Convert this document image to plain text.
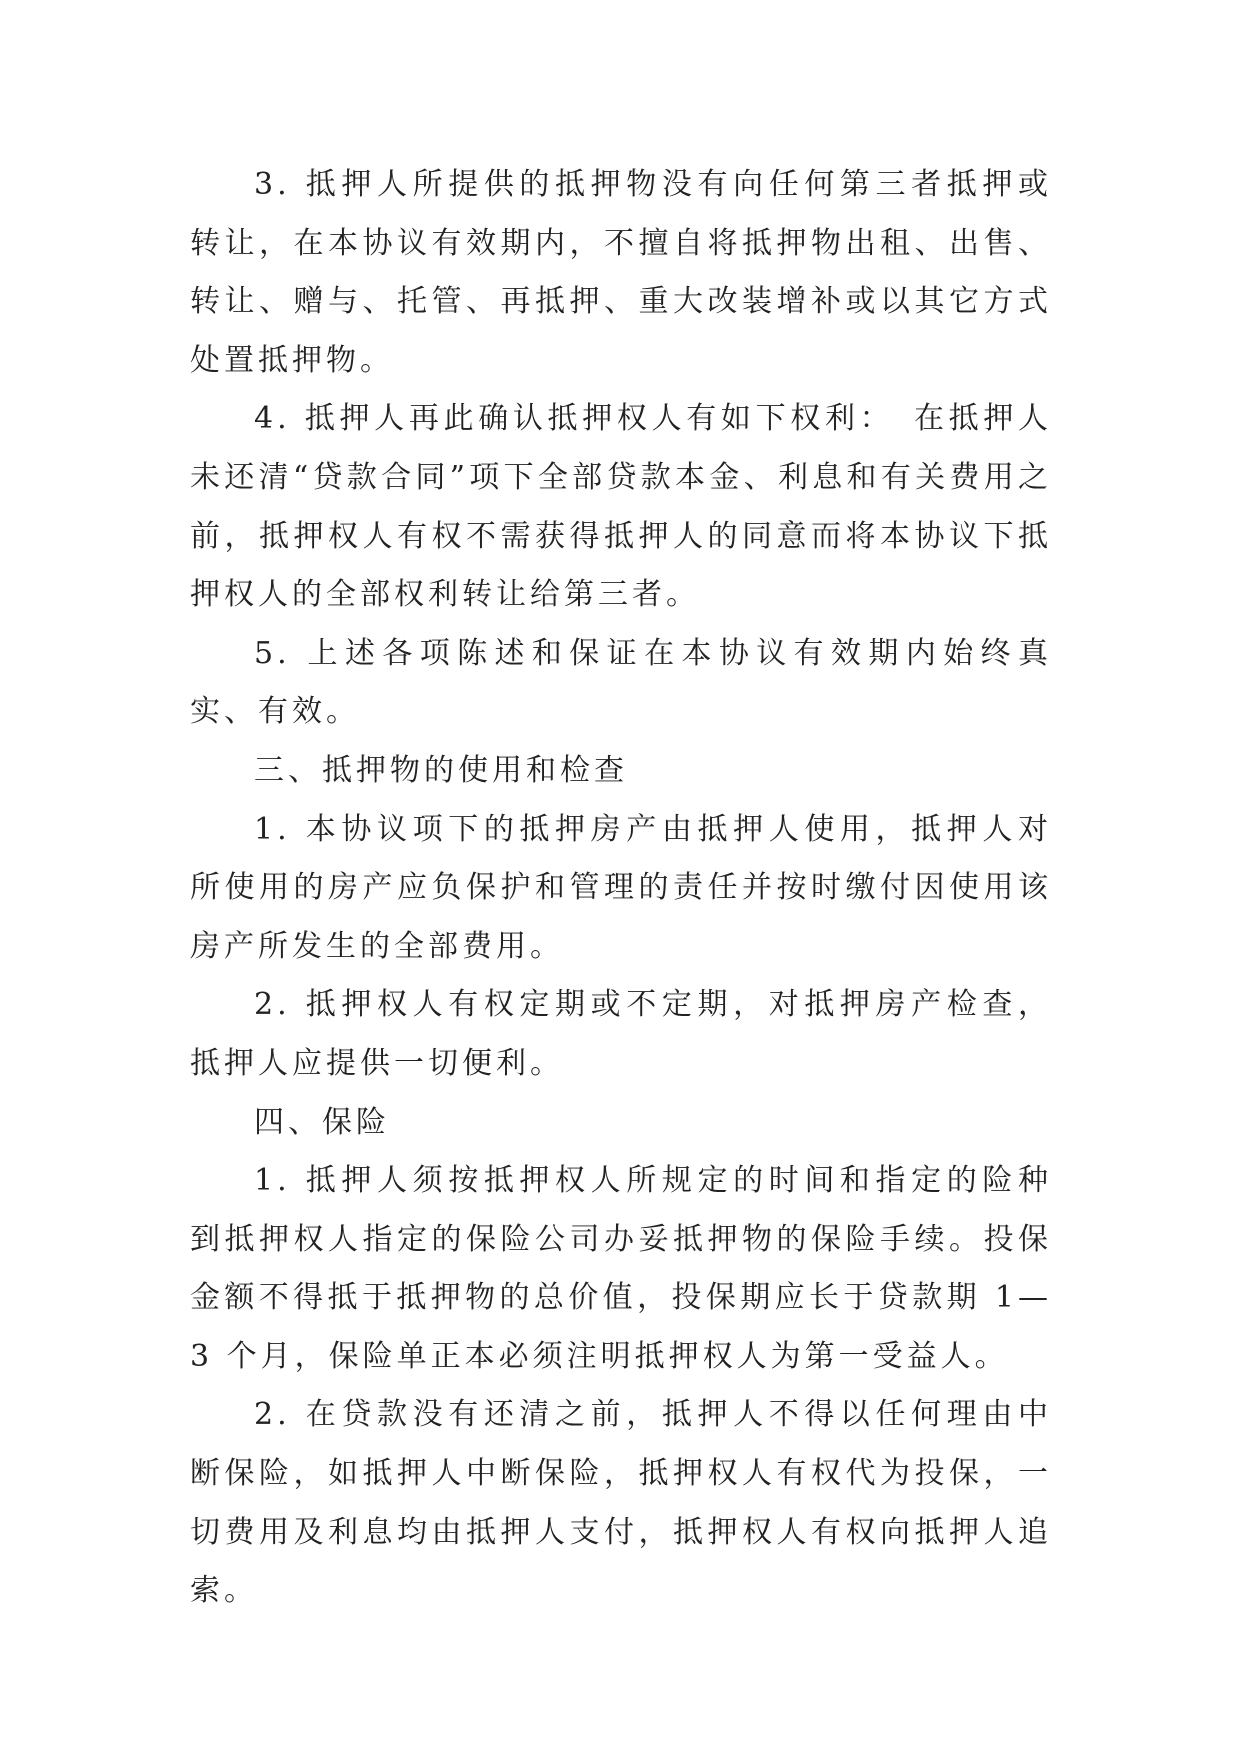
3. 抵押人所提供的抵押物没有向任何第三者抵押或转让，在本协议有效期内，不擅自将抵押物出租、出售、转让、赠与、托管、再抵押、重大改装增补或以其它方式处置抵押物。

4. 抵押人再此确认抵押权人有如下权利：　在抵押人未还清“贷款合同”项下全部贷款本金、利息和有关费用之前，抵押权人有权不需获得抵押人的同意而将本协议下抵押权人的全部权利转让给第三者。

5. 上述各项陈述和保证在本协议有效期内始终真实、有效。

三、抵押物的使用和检查

1. 本协议项下的抵押房产由抵押人使用，抵押人对所使用的房产应负保护和管理的责任并按时缴付因使用该房产所发生的全部费用。

2. 抵押权人有权定期或不定期，对抵押房产检查，抵押人应提供一切便利。

四、保险

1. 抵押人须按抵押权人所规定的时间和指定的险种到抵押权人指定的保险公司办妥抵押物的保险手续。投保金额不得抵于抵押物的总价值，投保期应长于贷款期 1—3 个月，保险单正本必须注明抵押权人为第一受益人。

2. 在贷款没有还清之前，抵押人不得以任何理由中断保险，如抵押人中断保险，抵押权人有权代为投保，一切费用及利息均由抵押人支付，抵押权人有权向抵押人追索。
